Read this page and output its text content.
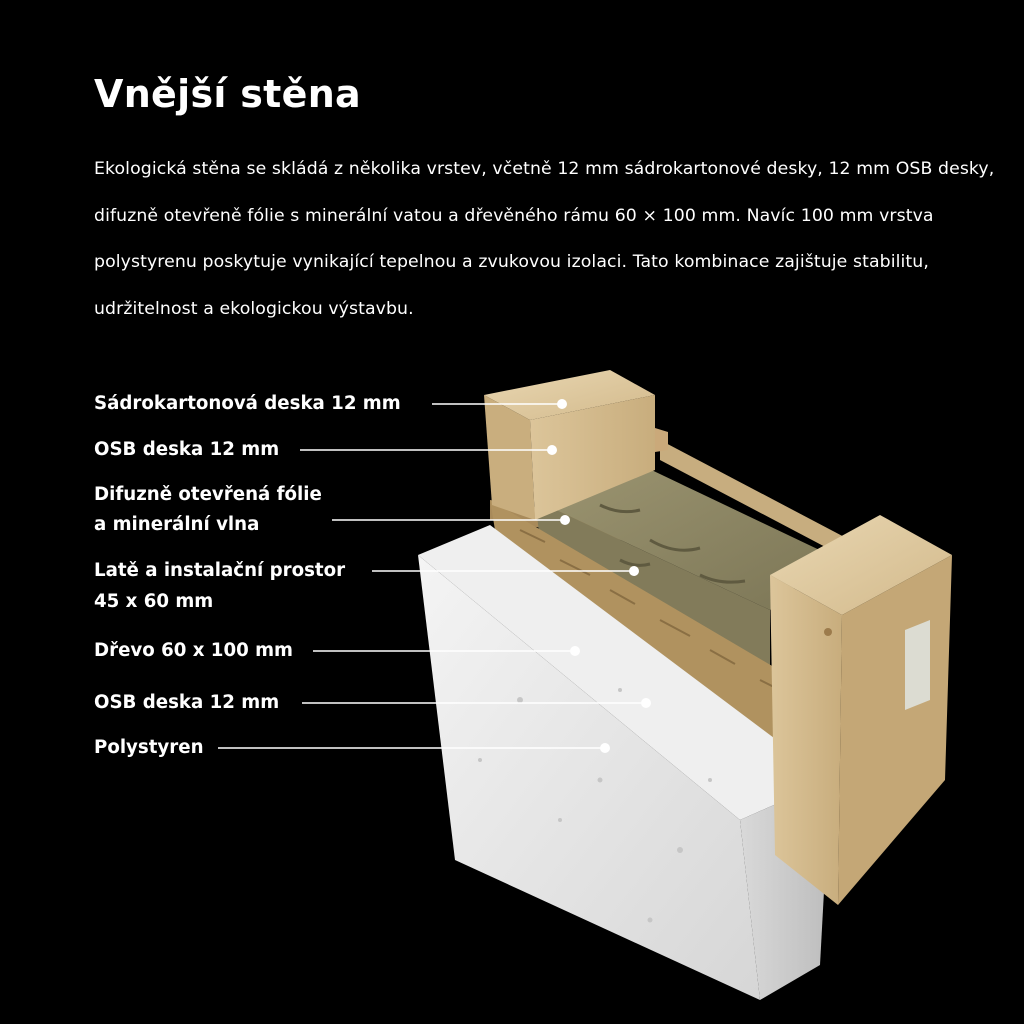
Vnější stěna

Ekologická stěna se skládá z několika vrstev, včetně 12 mm sádrokartonové desky, 12 mm OSB desky, difuzně otevřeně fólie s minerální vatou a dřevěného rámu 60 × 100 mm. Navíc 100 mm vrstva polystyrenu poskytuje vynikající tepelnou a zvukovou izolaci. Tato kombinace zajištuje stabilitu, udržitelnost a ekologickou výstavbu.

Sádrokartonová deska 12 mm
OSB deska 12 mm
Difuzně otevřená fólie
a minerální vlna
Latě a instalační prostor
45 x 60 mm
Dřevo 60 x 100 mm
OSB deska 12 mm
Polystyren
